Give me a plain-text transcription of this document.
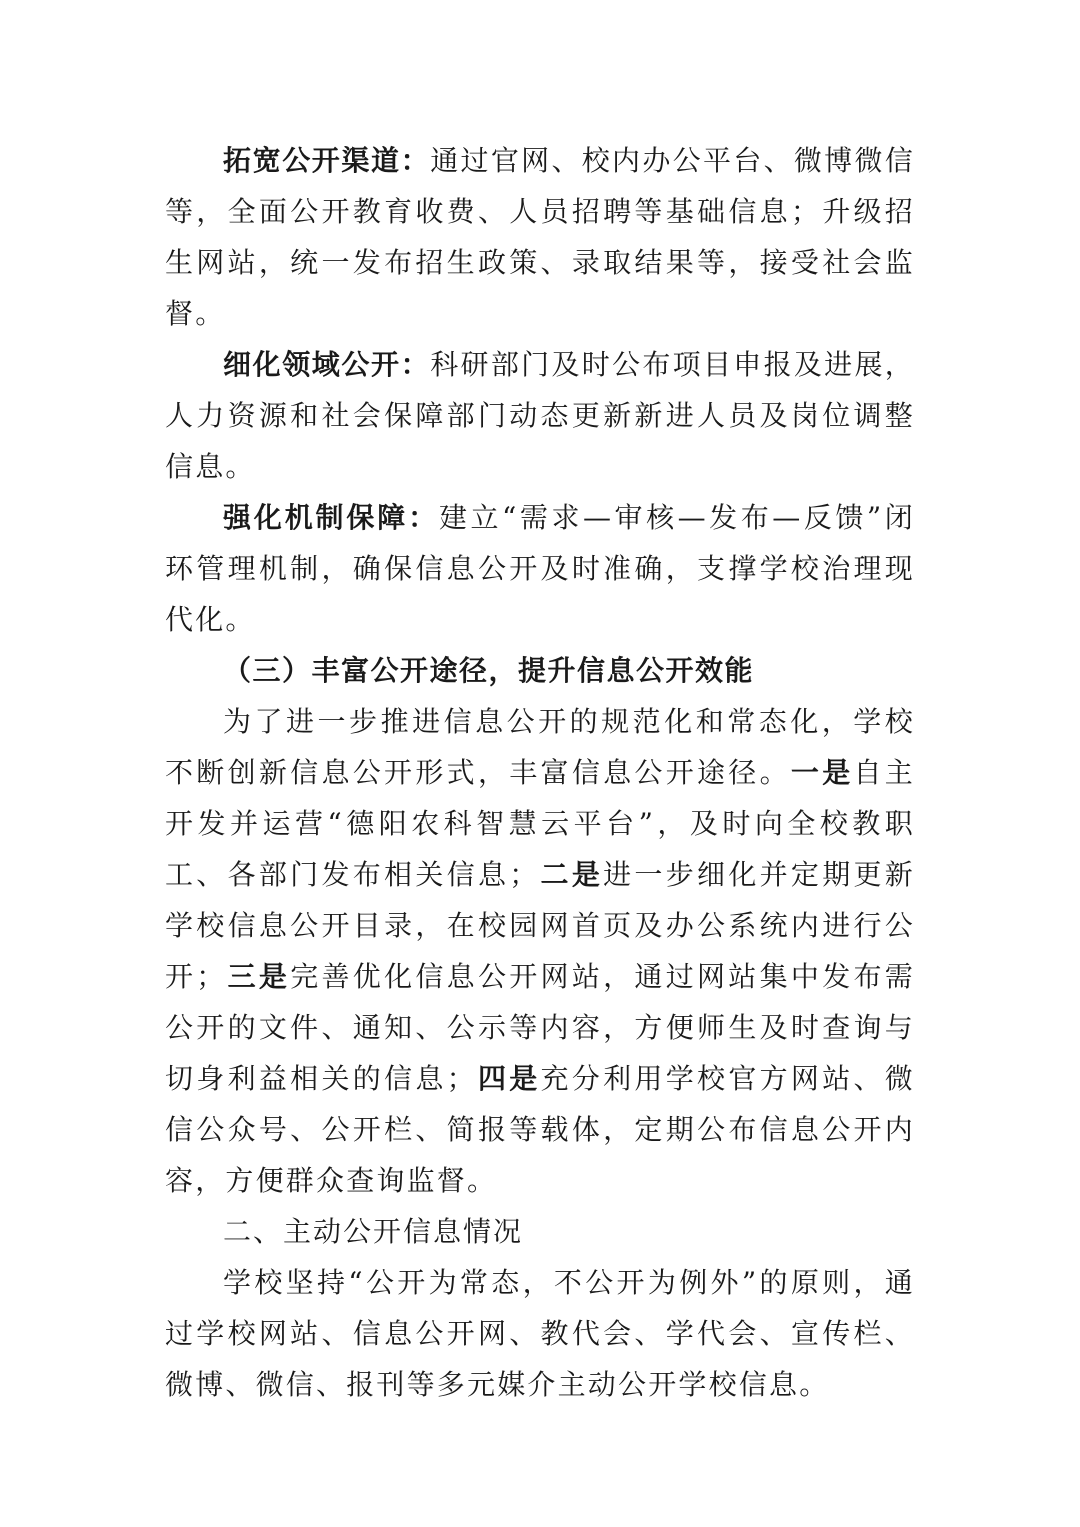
拓宽公开渠道：通过官网、校内办公平台、微博微信等，全面公开教育收费、人员招聘等基础信息；升级招生网站，统一发布招生政策、录取结果等，接受社会监督。

细化领域公开：科研部门及时公布项目申报及进展，人力资源和社会保障部门动态更新新进人员及岗位调整信息。

强化机制保障：建立“需求—审核—发布—反馈”闭环管理机制，确保信息公开及时准确，支撑学校治理现代化。

（三）丰富公开途径，提升信息公开效能

为了进一步推进信息公开的规范化和常态化，学校不断创新信息公开形式，丰富信息公开途径。一是自主开发并运营“德阳农科智慧云平台”，及时向全校教职工、各部门发布相关信息；二是进一步细化并定期更新学校信息公开目录，在校园网首页及办公系统内进行公开；三是完善优化信息公开网站，通过网站集中发布需公开的文件、通知、公示等内容，方便师生及时查询与切身利益相关的信息；四是充分利用学校官方网站、微信公众号、公开栏、简报等载体，定期公布信息公开内容，方便群众查询监督。

二、主动公开信息情况

学校坚持“公开为常态，不公开为例外”的原则，通过学校网站、信息公开网、教代会、学代会、宣传栏、微博、微信、报刊等多元媒介主动公开学校信息。
